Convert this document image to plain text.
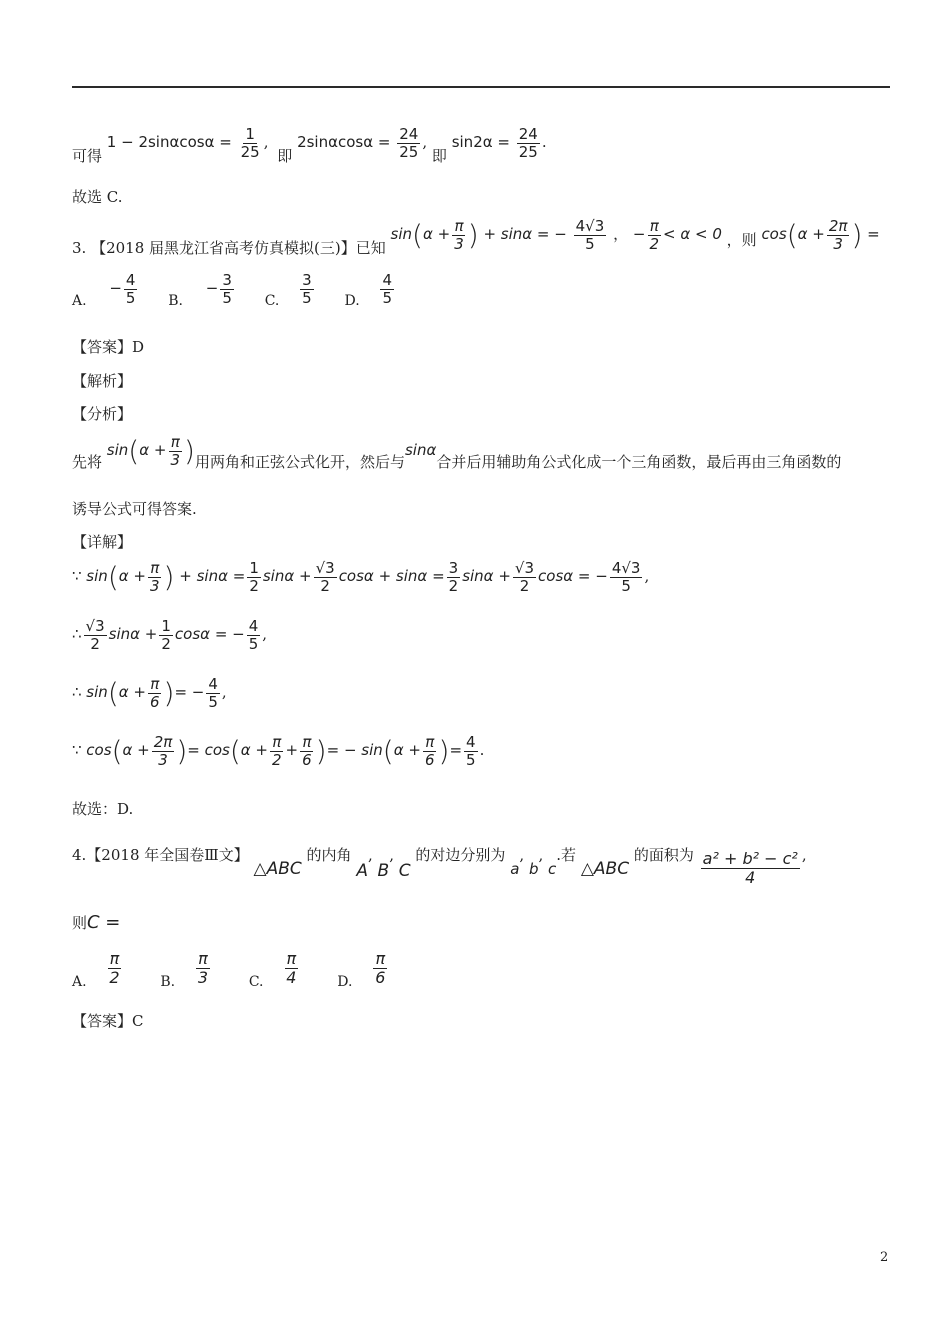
可得 $1 - 2\sin\alpha\cos\alpha = \frac{1}{25}$ , 即 $2\sin\alpha\cos\alpha = \frac{24}{25}$ , 即 $\sin 2\alpha = \frac{24}{25}$ .
故选 C.
3. 【2018 届黑龙江省高考仿真模拟(三)】已知 $\sin(\alpha + \frac{\pi}{3}$ ) + sinα = − $\frac{4√3}{5}$ ， − $\frac{\pi}{2} < \alpha < 0$ ，则 $\cos(\alpha + \frac{2\pi}{3}$ ) =
A. − $\frac{4}{5} B$. − $\frac{3}{5} C$. $\frac{3}{5} D$. $\frac{4}{5}$
【答案】D
【解析】
【分析】
先将 $\sin(\alpha + \frac{\pi}{3}$ )用两角和正弦公式化开，然后与sinα合并后用辅助角公式化成一个三角函数，最后再由三角函数的
诱导公式可得答案.
【详解】
∵ $\sin(\alpha + \frac{\pi}{3}$ ) + $\sin\alpha = \frac{1}{2}$ $\sin\alpha + \frac{√3}{2}$ $\cos\alpha + \sin\alpha = \frac{3}{2}$ $\sin\alpha + \frac{√3}{2}$ cosα = − $\frac{4√3}{5}$ ,
∴ $\frac{√3}{2}$ $\sin\alpha + \frac{1}{2}$ cosα = − $\frac{4}{5}$ ,
∴ $\sin(\alpha + \frac{\pi}{6}$ )= − $\frac{4}{5}$ ,
∵ $\cos(\alpha + \frac{2\pi}{3}$ )= $\cos(\alpha + \frac{\pi}{2} + \frac{\pi}{6}$ )= − $\sin(\alpha + \frac{\pi}{6}$ )= $\frac{4}{5}$ .
故选：D.
4.【2018 年全国卷Ⅲ文】 △ABC 的内角 A, B, C 的对边分别为 a, b, c.若 △ABC 的面积为 $\frac{\text{a² + b² − c²}}{4}$ ,
则C =
A. $\frac{\pi}{2}$	B. $\frac{\pi}{3}$	C. $\frac{\pi}{4}$	D. $\frac{\pi}{6}$
【答案】C
2
